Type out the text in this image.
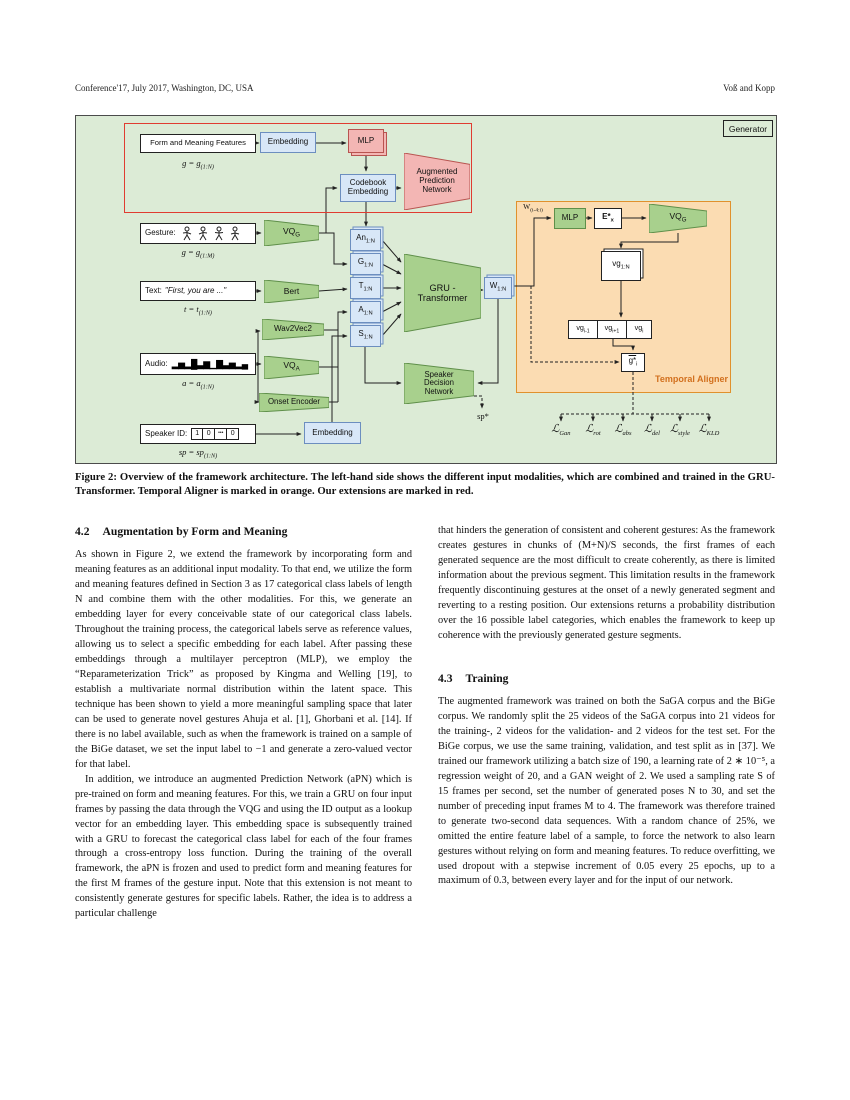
Conference'17, July 2017, Washington, DC, USA	Voß and Kopp
Generator
Form and Meaning Features	Embedding	MLP
$g = g_{(1:N)}$
Codebook Embedding
Augmented Prediction Network
Gesture:
$g = g_{(1:M)}$
$VQ_G$	$An_{1:N}$
$G_{1:N}$
$T_{1:N}$
$A_{1:N}$
$S_{1:N}$
Text: "First, you are ..."
$t = t_{(1:N)}$
Bert
Wav2Vec2
Audio: ▂▅▂█▃▆▁▇▃▅▂▄
$a = a_{(1:N)}$
$VQ_A$
Onset Encoder
GRU - Transformer
$W_{1:N}$
Speaker Decision Network
sp*
Speaker ID:	1	0	•••	0
sp = $sp_{(1:N)}$
Embedding
$W_{(i-4:i)}$
MLP	$E*_x$	$VQ_G$
$vg_{1:N}$
$vg_{i-1}$ $vg_{i+1}$ $vg_i$
$g*_i$
Temporal Aligner
ℒ$_{Gan}$	ℒ$_{rot}$	ℒ$_{abs}$	ℒ$_{del}$ ℒ$_{style}$ ℒ$_{KLD}$
Figure 2: Overview of the framework architecture. The left-hand side shows the different input modalities, which are combined and trained in the GRU-Transformer. Temporal Aligner is marked in orange. Our extensions are marked in red.
4.2 Augmentation by Form and Meaning

As shown in Figure 2, we extend the framework by incorporating form and meaning features as an additional input modality. To that end, we utilize the form and meaning features defined in Section 3 as 17 categorical class labels of length N and combine them with the other modalities. For this, we generate an embedding layer for every conceivable state of our categorical class labels. Throughout the training process, the categorical labels serve as reference values, allowing us to select a specific embedding for each label. After passing these embeddings through a multilayer perceptron (MLP), we employ the “Reparameterization Trick” as proposed by Kingma and Welling [19], to establish a multivariate normal distribution within the latent space. This technique has been shown to yield a more meaningful sampling space that later can be used to generate novel gestures Ahuja et al. [1], Ghorbani et al. [14]. If there is no label available, such as when the framework is trained on a sample of the BiGe dataset, we set the input label to −1 and generate a zero-valued vector for that label.

In addition, we introduce an augmented Prediction Network (aPN) which is pre-trained on form and meaning features. For this, we train a GRU on four input frames by passing the data through the VQG and using the ID output as a lookup vector for an embedding layer. This embedding space is subsequently trained with a GRU to forecast the categorical class label for each of the four frames through a cross-entropy loss function. During the training of the overall framework, the aPN is frozen and used to predict form and meaning features for the first M frames of the gesture input. Note that this extension is not meant to consistently generate gestures for specific labels. Rather, the idea is to address a particular challenge

that hinders the generation of consistent and coherent gestures: As the framework creates gestures in chunks of (M+N)/S seconds, the first frames of each generated sequence are the most difficult to create coherently, as there is limited information about the previous segment. This limitation results in the framework frequently discontinuing gestures at the onset of a newly generated segment and reverting to a resting position. Our extensions returns a probability distribution over the 16 possible label categories, which enables the framework to keep up coherence with the previously generated gesture segments.

4.3 Training

The augmented framework was trained on both the SaGA corpus and the BiGe corpus. We randomly split the 25 videos of the SaGA corpus into 21 videos for the training-, 2 videos for the validation- and 2 videos for the test set. For the BiGe corpus, we use the same training, validation, and test split as in [37]. We trained our framework utilizing a batch size of 190, a learning rate of 2 ∗ 10⁻⁵, a regression weight of 20, and a GAN weight of 2. We used a sampling rate S of 15 frames per second, set the number of generated poses N to 30, and set the number of preceding input frames M to 4. The framework was therefore trained to generate two-second data sequences. With a random chance of 25%, we omitted the entire feature label of a sample, to force the network to also learn gestures without relying on form and meaning features. To reduce overfitting, we used dropout with a stepwise increment of 0.05 every 25 epochs, up to a maximum of 0.3, between every layer and for the input of our network.
